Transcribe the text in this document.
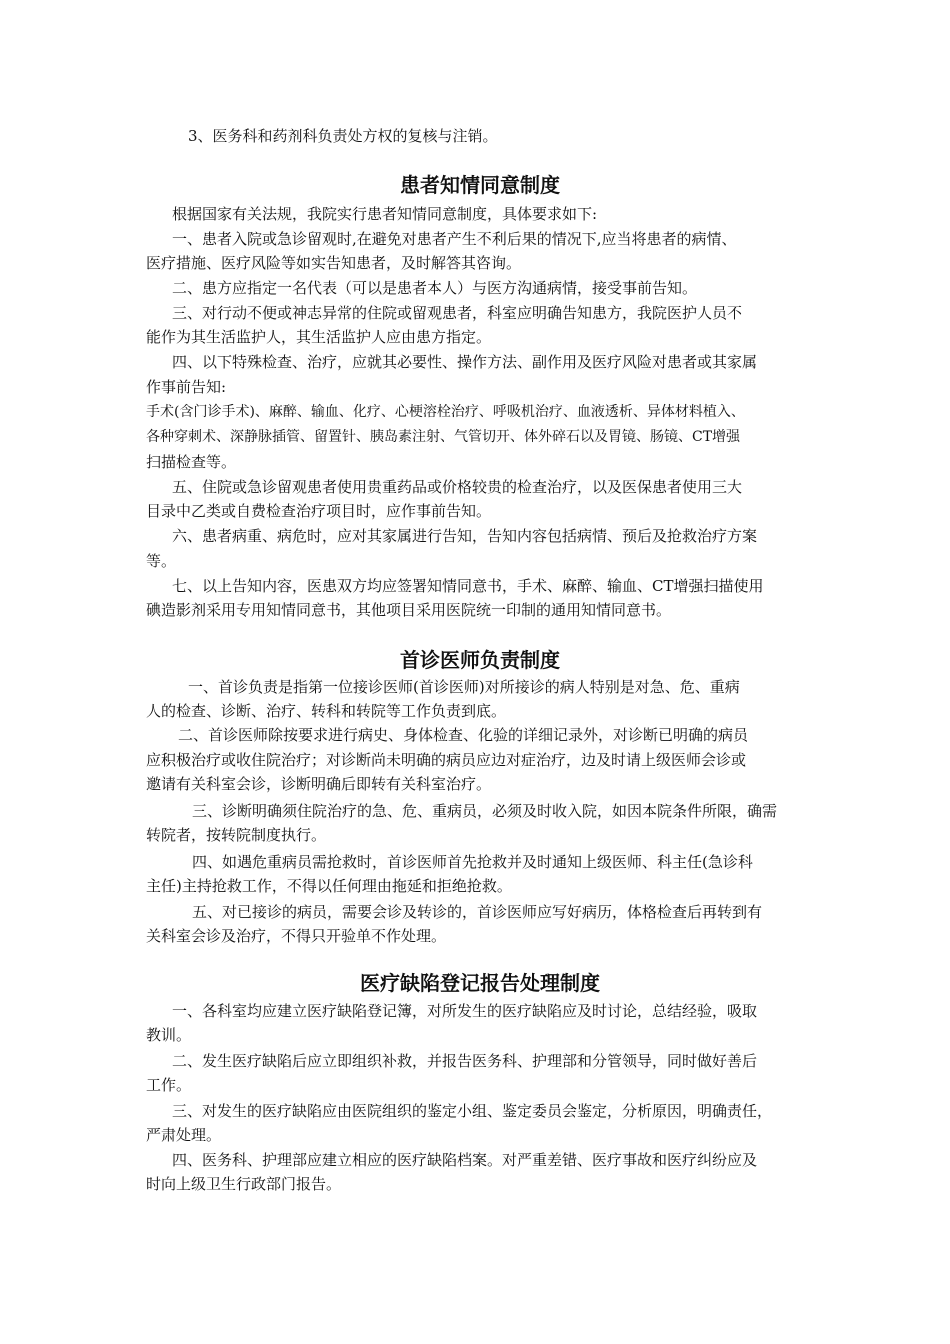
3、医务科和药剂科负责处方权的复核与注销。
患者知情同意制度
根据国家有关法规，我院实行患者知情同意制度，具体要求如下:
一、患者入院或急诊留观时,在避免对患者产生不利后果的情况下,应当将患者的病情、
医疗措施、医疗风险等如实告知患者，及时解答其咨询。
二、患方应指定一名代表（可以是患者本人）与医方沟通病情，接受事前告知。
三、对行动不便或神志异常的住院或留观患者，科室应明确告知患方，我院医护人员不
能作为其生活监护人，其生活监护人应由患方指定。
四、以下特殊检查、治疗，应就其必要性、操作方法、副作用及医疗风险对患者或其家属
作事前告知:
手术(含门诊手术)、麻醉、输血、化疗、心梗溶栓治疗、呼吸机治疗、血液透析、异体材料植入、
各种穿刺术、深静脉插管、留置针、胰岛素注射、气管切开、体外碎石以及胃镜、肠镜、CT增强
扫描检查等。
五、住院或急诊留观患者使用贵重药品或价格较贵的检查治疗，以及医保患者使用三大
目录中乙类或自费检查治疗项目时，应作事前告知。
六、患者病重、病危时，应对其家属进行告知，告知内容包括病情、预后及抢救治疗方案
等。
七、以上告知内容，医患双方均应签署知情同意书，手术、麻醉、输血、CT增强扫描使用
碘造影剂采用专用知情同意书，其他项目采用医院统一印制的通用知情同意书。
首诊医师负责制度
一、首诊负责是指第一位接诊医师(首诊医师)对所接诊的病人特别是对急、危、重病
人的检查、诊断、治疗、转科和转院等工作负责到底。
二、首诊医师除按要求进行病史、身体检查、化验的详细记录外，对诊断已明确的病员
应积极治疗或收住院治疗；对诊断尚未明确的病员应边对症治疗，边及时请上级医师会诊或
邀请有关科室会诊，诊断明确后即转有关科室治疗。
三、诊断明确须住院治疗的急、危、重病员，必须及时收入院，如因本院条件所限，确需
转院者，按转院制度执行。
四、如遇危重病员需抢救时，首诊医师首先抢救并及时通知上级医师、科主任(急诊科
主任)主持抢救工作，不得以任何理由拖延和拒绝抢救。
五、对已接诊的病员，需要会诊及转诊的，首诊医师应写好病历，体格检查后再转到有
关科室会诊及治疗，不得只开验单不作处理。
医疗缺陷登记报告处理制度
一、各科室均应建立医疗缺陷登记簿，对所发生的医疗缺陷应及时讨论，总结经验，吸取
教训。
二、发生医疗缺陷后应立即组织补救，并报告医务科、护理部和分管领导，同时做好善后
工作。
三、对发生的医疗缺陷应由医院组织的鉴定小组、鉴定委员会鉴定，分析原因，明确责任，
严肃处理。
四、医务科、护理部应建立相应的医疗缺陷档案。对严重差错、医疗事故和医疗纠纷应及
时向上级卫生行政部门报告。
